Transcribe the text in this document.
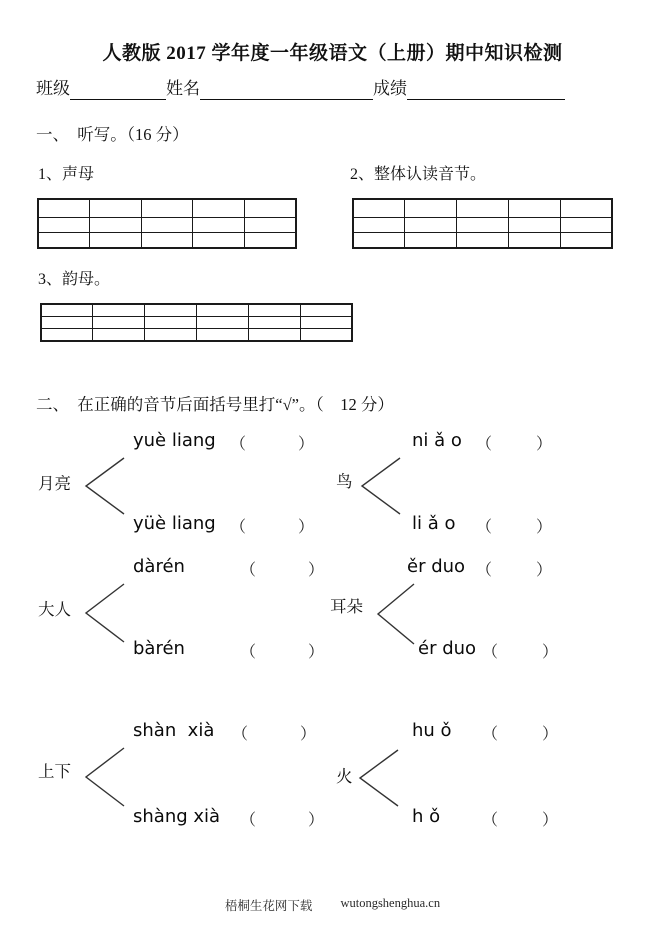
人教版 2017 学年度一年级语文（上册）期中知识检测
班级	姓名	成绩
一、　听写。（16 分）
1、声母	2、整体认读音节。

3、韵母。

二、　在正确的音节后面括号里打“√”。（　12 分）
月亮
yuè liang （	）
yüè liang （	）
鸟
ni ǎ o （	）
li ǎ o （	）
大人
dàrén	（	）
bàrén	（	）
耳朵
ěr duo （	）
ér duo （	）
上下
shàn  xià （	）
shàng xià （	）
火
hu ǒ （	）
h ǒ	（	）
梧桐生花网下载 wutongshenghua.cn
